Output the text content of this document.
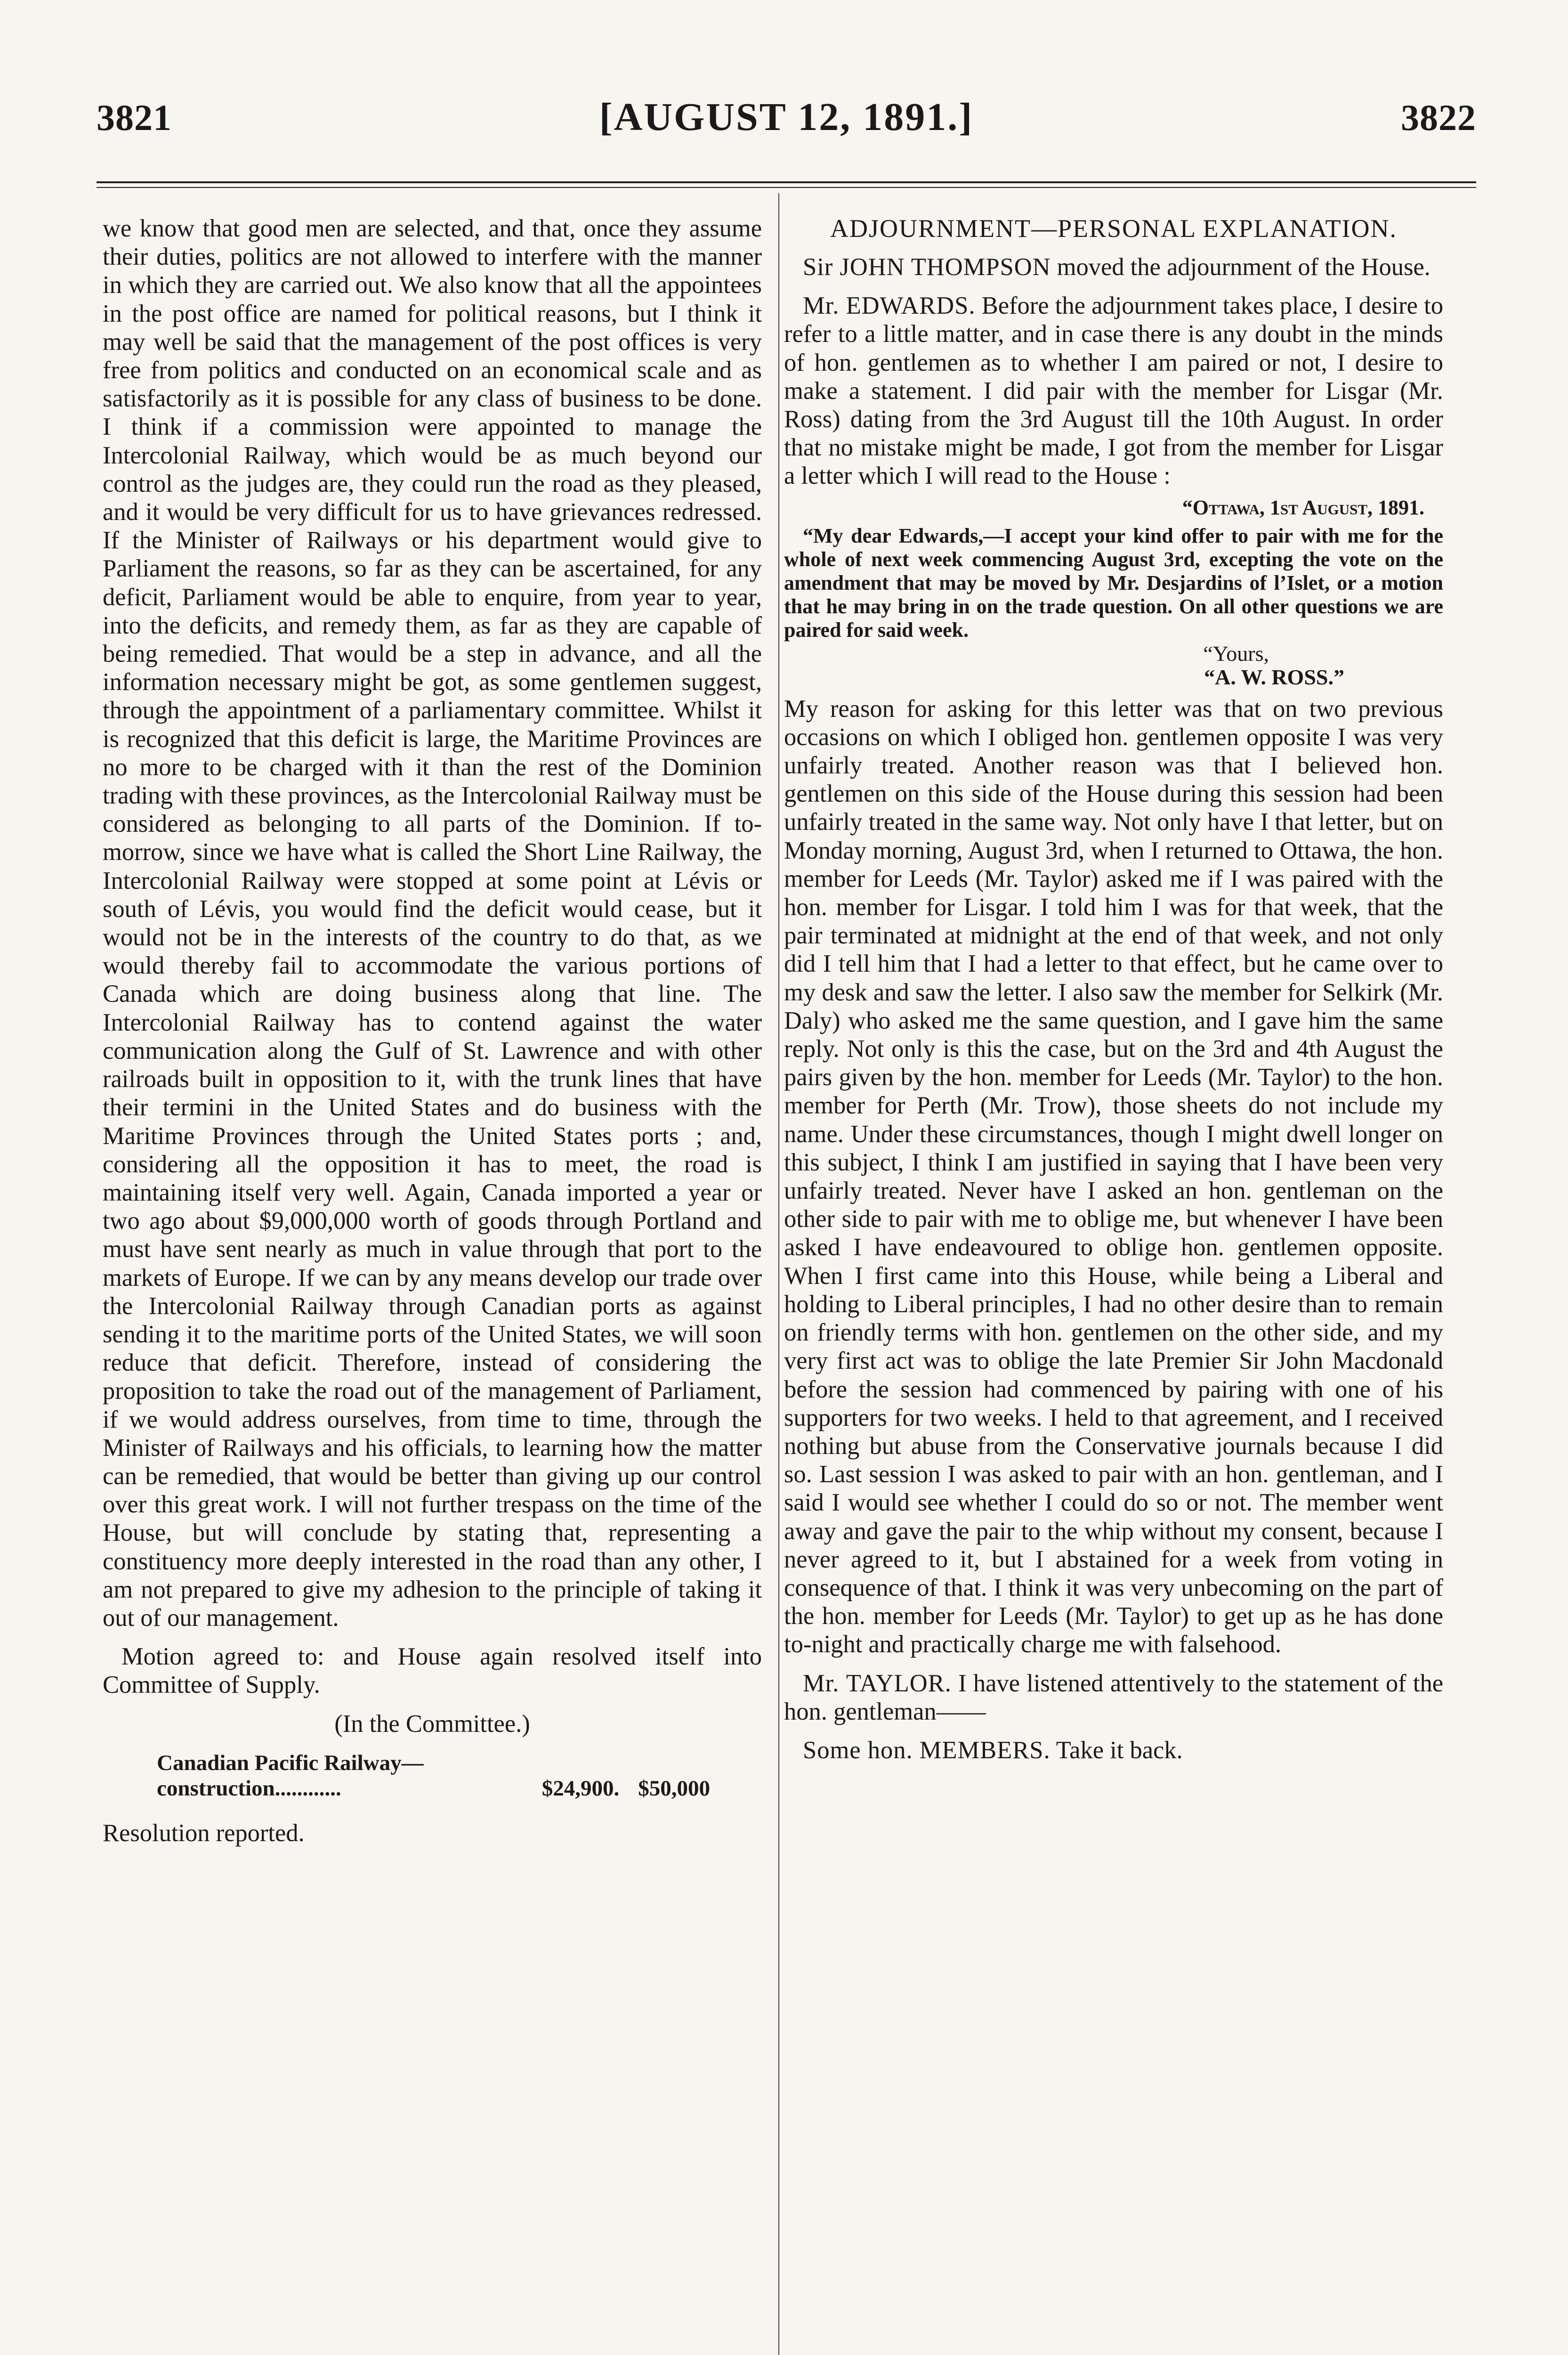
3821	[AUGUST 12, 1891.]	3822

we know that good men are selected, and that, once they assume their duties, politics are not allowed to interfere with the manner in which they are carried out. We also know that all the appointees in the post office are named for political reasons, but I think it may well be said that the management of the post offices is very free from politics and conducted on an economical scale and as satisfactorily as it is possible for any class of business to be done. I think if a commission were appointed to manage the Intercolonial Railway, which would be as much beyond our control as the judges are, they could run the road as they pleased, and it would be very difficult for us to have grievances redressed. If the Minister of Railways or his department would give to Parliament the reasons, so far as they can be ascertained, for any deficit, Parliament would be able to enquire, from year to year, into the deficits, and remedy them, as far as they are capable of being remedied. That would be a step in advance, and all the information necessary might be got, as some gentlemen suggest, through the appointment of a parliamentary committee. Whilst it is recognized that this deficit is large, the Maritime Provinces are no more to be charged with it than the rest of the Dominion trading with these provinces, as the Intercolonial Railway must be considered as belonging to all parts of the Dominion. If to-morrow, since we have what is called the Short Line Railway, the Intercolonial Railway were stopped at some point at Lévis or south of Lévis, you would find the deficit would cease, but it would not be in the interests of the country to do that, as we would thereby fail to accommodate the various portions of Canada which are doing business along that line. The Intercolonial Railway has to contend against the water communication along the Gulf of St. Lawrence and with other railroads built in opposition to it, with the trunk lines that have their termini in the United States and do business with the Maritime Provinces through the United States ports ; and, considering all the opposition it has to meet, the road is maintaining itself very well. Again, Canada imported a year or two ago about $9,000,000 worth of goods through Portland and must have sent nearly as much in value through that port to the markets of Europe. If we can by any means develop our trade over the Intercolonial Railway through Canadian ports as against sending it to the maritime ports of the United States, we will soon reduce that deficit. Therefore, instead of considering the proposition to take the road out of the management of Parliament, if we would address ourselves, from time to time, through the Minister of Railways and his officials, to learning how the matter can be remedied, that would be better than giving up our control over this great work. I will not further trespass on the time of the House, but will conclude by stating that, representing a constituency more deeply interested in the road than any other, I am not prepared to give my adhesion to the principle of taking it out of our management.

Motion agreed to: and House again resolved itself into Committee of Supply.

(In the Committee.)

Canadian Pacific Railway—
construction............	$24,900. $50,000

Resolution reported.

ADJOURNMENT—PERSONAL EXPLANATION.

Sir JOHN THOMPSON moved the adjournment of the House.

Mr. EDWARDS. Before the adjournment takes place, I desire to refer to a little matter, and in case there is any doubt in the minds of hon. gentlemen as to whether I am paired or not, I desire to make a statement. I did pair with the member for Lisgar (Mr. Ross) dating from the 3rd August till the 10th August. In order that no mistake might be made, I got from the member for Lisgar a letter which I will read to the House :

“Ottawa, 1st August, 1891.
“My dear Edwards,—I accept your kind offer to pair with me for the whole of next week commencing August 3rd, excepting the vote on the amendment that may be moved by Mr. Desjardins of l’Islet, or a motion that he may bring in on the trade question. On all other questions we are paired for said week.
“Yours,
“A. W. ROSS.”

My reason for asking for this letter was that on two previous occasions on which I obliged hon. gentlemen opposite I was very unfairly treated. Another reason was that I believed hon. gentlemen on this side of the House during this session had been unfairly treated in the same way. Not only have I that letter, but on Monday morning, August 3rd, when I returned to Ottawa, the hon. member for Leeds (Mr. Taylor) asked me if I was paired with the hon. member for Lisgar. I told him I was for that week, that the pair terminated at midnight at the end of that week, and not only did I tell him that I had a letter to that effect, but he came over to my desk and saw the letter. I also saw the member for Selkirk (Mr. Daly) who asked me the same question, and I gave him the same reply. Not only is this the case, but on the 3rd and 4th August the pairs given by the hon. member for Leeds (Mr. Taylor) to the hon. member for Perth (Mr. Trow), those sheets do not include my name. Under these circumstances, though I might dwell longer on this subject, I think I am justified in saying that I have been very unfairly treated. Never have I asked an hon. gentleman on the other side to pair with me to oblige me, but whenever I have been asked I have endeavoured to oblige hon. gentlemen opposite. When I first came into this House, while being a Liberal and holding to Liberal principles, I had no other desire than to remain on friendly terms with hon. gentlemen on the other side, and my very first act was to oblige the late Premier Sir John Macdonald before the session had commenced by pairing with one of his supporters for two weeks. I held to that agreement, and I received nothing but abuse from the Conservative journals because I did so. Last session I was asked to pair with an hon. gentleman, and I said I would see whether I could do so or not. The member went away and gave the pair to the whip without my consent, because I never agreed to it, but I abstained for a week from voting in consequence of that. I think it was very unbecoming on the part of the hon. member for Leeds (Mr. Taylor) to get up as he has done to-night and practically charge me with falsehood.

Mr. TAYLOR. I have listened attentively to the statement of the hon. gentleman——

Some hon. MEMBERS. Take it back.
